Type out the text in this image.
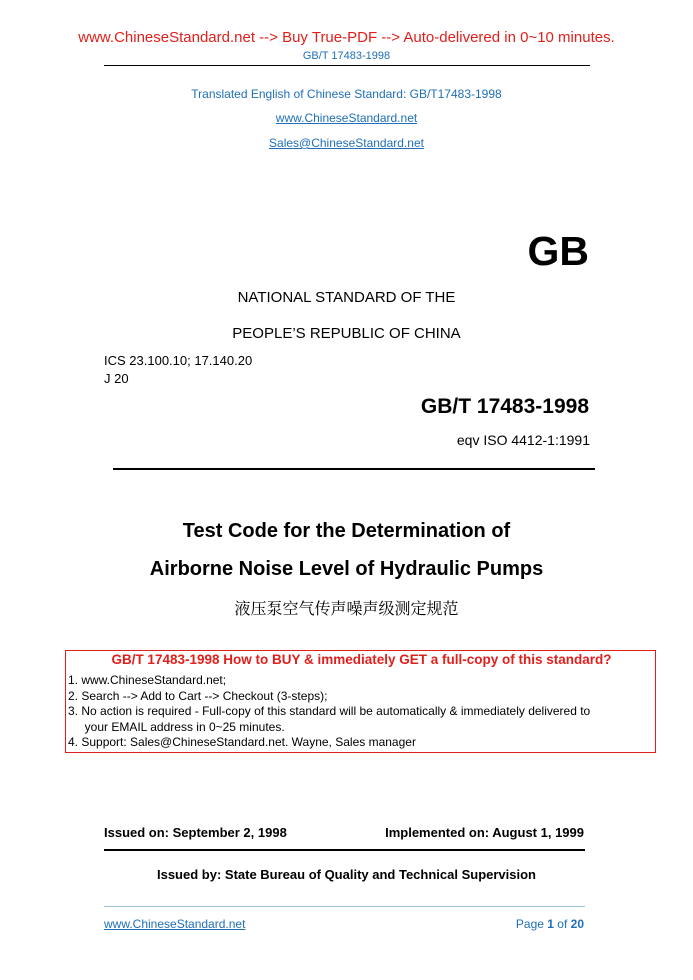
www.ChineseStandard.net --> Buy True-PDF --> Auto-delivered in 0~10 minutes.
GB/T 17483-1998
Translated English of Chinese Standard: GB/T17483-1998
www.ChineseStandard.net
Sales@ChineseStandard.net
GB
NATIONAL STANDARD OF THE
PEOPLE’S REPUBLIC OF CHINA
ICS 23.100.10; 17.140.20
J 20
GB/T 17483-1998
eqv ISO 4412-1:1991
Test Code for the Determination of
Airborne Noise Level of Hydraulic Pumps
液压泵空气传声噪声级测定规范
GB/T 17483-1998 How to BUY & immediately GET a full-copy of this standard?
1. www.ChineseStandard.net;
2. Search --> Add to Cart --> Checkout (3-steps);
3. No action is required - Full-copy of this standard will be automatically & immediately delivered to
your EMAIL address in 0~25 minutes.
4. Support: Sales@ChineseStandard.net. Wayne, Sales manager
Issued on: September 2, 1998	Implemented on: August 1, 1999
Issued by: State Bureau of Quality and Technical Supervision
www.ChineseStandard.net	Page 1 of 20
